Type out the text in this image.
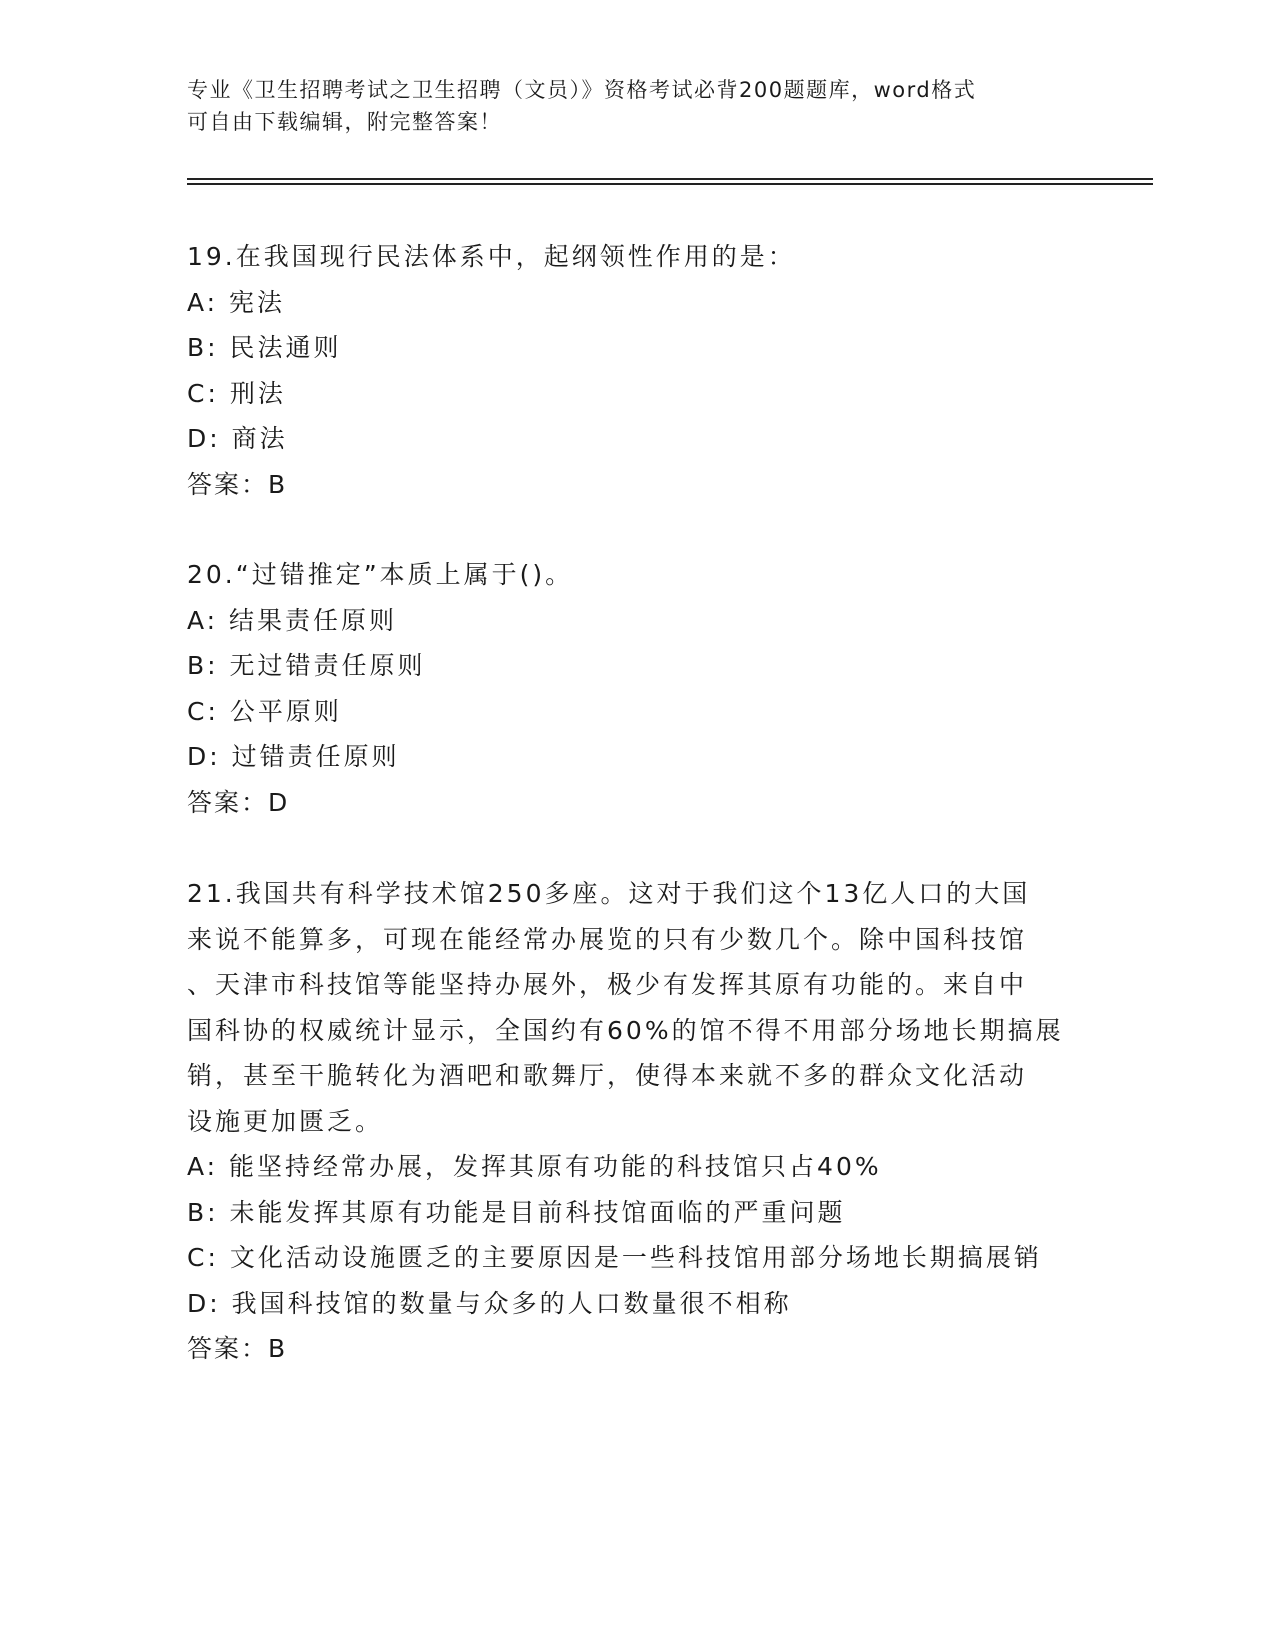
专业《卫生招聘考试之卫生招聘（文员）》资格考试必背200题题库，word格式
可自由下载编辑，附完整答案！
19.在我国现行民法体系中，起纲领性作用的是：
A: 宪法
B: 民法通则
C: 刑法
D: 商法
答案：B
20.“过错推定”本质上属于()。
A: 结果责任原则
B: 无过错责任原则
C: 公平原则
D: 过错责任原则
答案：D
21.我国共有科学技术馆250多座。这对于我们这个13亿人口的大国
来说不能算多，可现在能经常办展览的只有少数几个。除中国科技馆
、天津市科技馆等能坚持办展外，极少有发挥其原有功能的。来自中
国科协的权威统计显示，全国约有60%的馆不得不用部分场地长期搞展
销，甚至干脆转化为酒吧和歌舞厅，使得本来就不多的群众文化活动
设施更加匮乏。
A: 能坚持经常办展，发挥其原有功能的科技馆只占40%
B: 未能发挥其原有功能是目前科技馆面临的严重问题
C: 文化活动设施匮乏的主要原因是一些科技馆用部分场地长期搞展销
D: 我国科技馆的数量与众多的人口数量很不相称
答案：B
